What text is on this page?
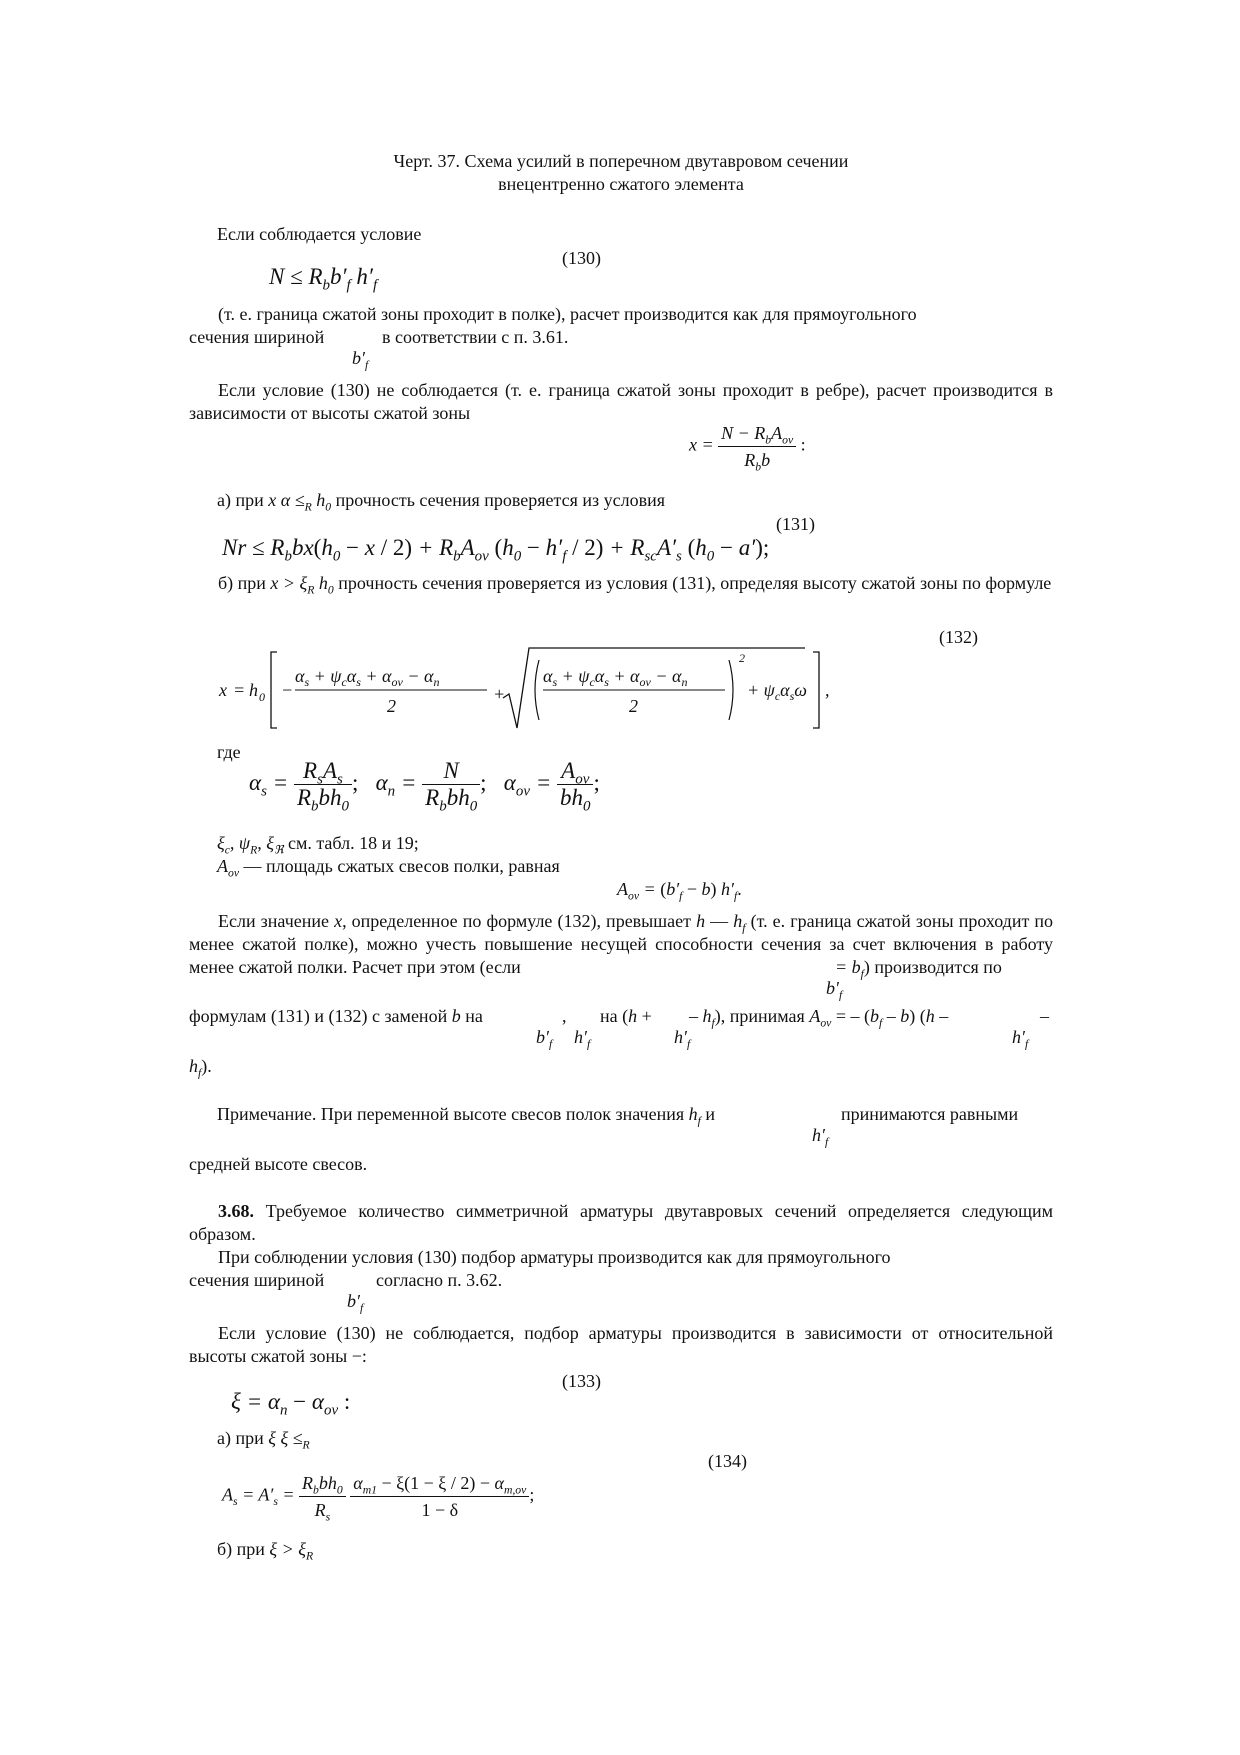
Черт. 37. Схема усилий в поперечном двутавровом сечении
внецентренно сжатого элемента
Если соблюдается условие
(130)
$N \le R_bb'_f$ $h'_f$
(т. е. граница сжатой зоны проходит в полке), расчет производится как для прямоугольного
сечения шириной	в соответствии с п. 3.61.
$b'_f$
Если условие (130) не соблюдается (т. е. граница сжатой зоны проходит в ребре), расчет производится в зависимости от высоты сжатой зоны
$x = \frac{N - R_bA_{ov}}{R_bb}$ :
а) при x $\alpha \le_R$ $h_0$ прочность сечения проверяется из условия
(131)
$Nr \le R_bbx(h_0 - x / 2) + R_bA_{ov}$ $(h_0 - h'_f / 2) + R_{sc}A'_s$ $(h_0 - a')$;
б) при $x > \xi_R$ $h_0$ прочность сечения проверяется из условия (131), определяя высоту сжатой зоны по формуле
(132)
x = h 0 −
$\alpha_s + \psi_c\alpha_s + \alpha_{ov} - \alpha_n$
2
+
$\alpha_s + \psi_c\alpha_s + \alpha_{ov} - \alpha_n$
2
2
+ $\psi_c\alpha_s\omega$ ,
где
$\alpha_s = \frac{R_sA_s}{R_bbh_0}$ ;   $\alpha_n = \frac{N}{R_bbh_0}$ ;   $\alpha_{ov} = \frac{A_{ov}}{bh_0}$ ;
$\xi_c$, $\psi_R$, $\xi_ℜ$ см. табл. 18 и 19;
$A_{ov}$ — площадь сжатых свесов полки, равная
$A_{ov} = (b'_f - b)$ $h'_f$.
Если значение x, определенное по формуле (132), превышает h — $h_f$ (т. е. граница сжатой зоны проходит по менее сжатой полке), можно учесть повышение несущей способности сечения за счет включения в работу менее сжатой полки. Расчет при этом (если	= $b_f$) производится по
$b'_f$
формулам (131) и (132) с заменой b на	, на (h + – $h_f$), принимая $A_{ov}$ = – $(b_f - b)$ (h –	–
$b'_f$ $h'_f$	$h'_f$	$h'_f$
$h_f$).
Примечание. При переменной высоте свесов полок значения $h_f$ и	принимаются равными
$h'_f$
средней высоте свесов.
3.68. Требуемое количество симметричной арматуры двутавровых сечений определяется следующим образом.
При соблюдении условия (130) подбор арматуры производится как для прямоугольного
сечения шириной	согласно п. 3.62.
$b'_f$
Если условие (130) не соблюдается, подбор арматуры производится в зависимости от относительной высоты сжатой зоны −:
(133)
$\xi = \alpha_n - \alpha_{ov}$ :
а) при ξ $\xi \le_R$
(134)
$A_s = A'_s = \frac{R_bbh_0}{R_s}$
$\frac{\alpha_{m1} - \xi(1 - \xi / 2) - \alpha_{m,ov}}{1 - \delta}$ ;
б) при $\xi > \xi_R$
